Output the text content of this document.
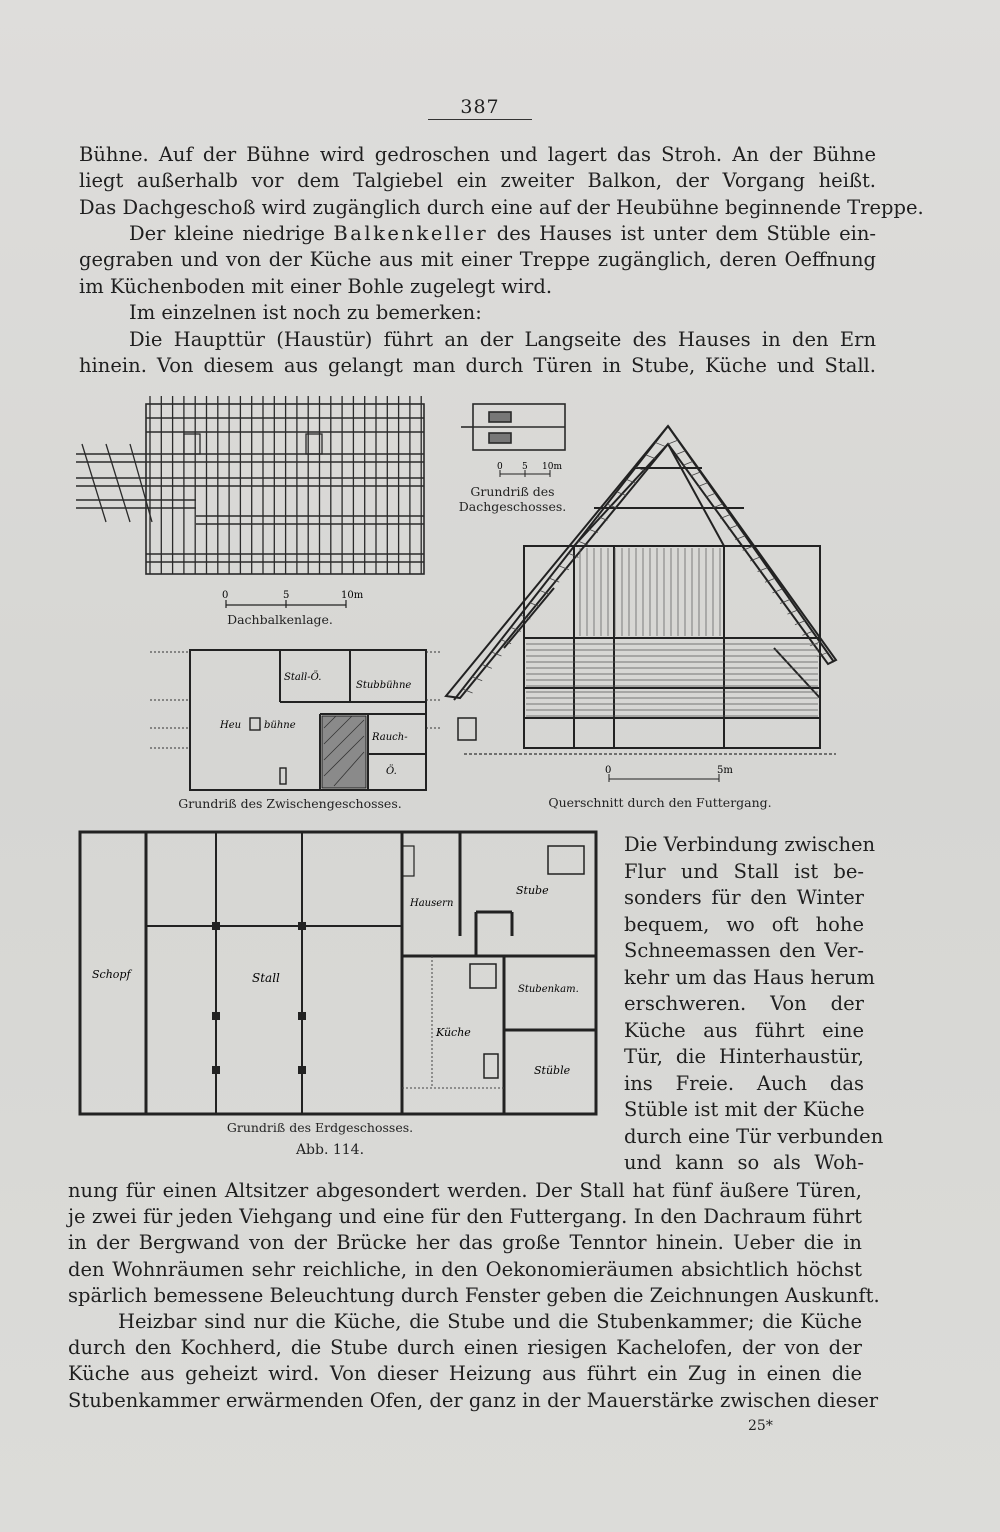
387
Bühne. Auf der Bühne wird gedroschen und lagert das Stroh. An der Bühne
liegt außerhalb vor dem Talgiebel ein zweiter Balkon, der Vorgang heißt.
Das Dachgeschoß wird zugänglich durch eine auf der Heubühne beginnende Treppe.
Der kleine niedrige Balkenkeller des Hauses ist unter dem Stüble ein-
gegraben und von der Küche aus mit einer Treppe zugänglich, deren Oeffnung
im Küchenboden mit einer Bohle zugelegt wird.
Im einzelnen ist noch zu bemerken:
Die Haupttür (Haustür) führt an der Langseite des Hauses in den Ern
hinein. Von diesem aus gelangt man durch Türen in Stube, Küche und Stall.
0	5	10m
Dachbalkenlage.
0 5 10m
Grundriß des
Dachgeschosses.
0	5m
Querschnitt durch den Futtergang.
Stall-Ö.
Stubbühne
Heu bühne
Rauch-
Ö.
Grundriß des Zwischengeschosses.
Schopf	Stall
Hausern
Stube
Stubenkam.
Küche
Stüble
Grundriß des Erdgeschosses.
Abb. 114.
Die Verbindung zwischen
Flur und Stall ist be-
sonders für den Winter
bequem, wo oft hohe
Schneemassen den Ver-
kehr um das Haus herum
erschweren. Von der
Küche aus führt eine
Tür, die Hinterhaustür,
ins Freie. Auch das
Stüble ist mit der Küche
durch eine Tür verbunden
und kann so als Woh-
nung für einen Altsitzer abgesondert werden. Der Stall hat fünf äußere Türen,
je zwei für jeden Viehgang und eine für den Futtergang. In den Dachraum führt
in der Bergwand von der Brücke her das große Tenntor hinein. Ueber die in
den Wohnräumen sehr reichliche, in den Oekonomieräumen absichtlich höchst
spärlich bemessene Beleuchtung durch Fenster geben die Zeichnungen Auskunft.
Heizbar sind nur die Küche, die Stube und die Stubenkammer; die Küche
durch den Kochherd, die Stube durch einen riesigen Kachelofen, der von der
Küche aus geheizt wird. Von dieser Heizung aus führt ein Zug in einen die
Stubenkammer erwärmenden Ofen, der ganz in der Mauerstärke zwischen dieser
25*
